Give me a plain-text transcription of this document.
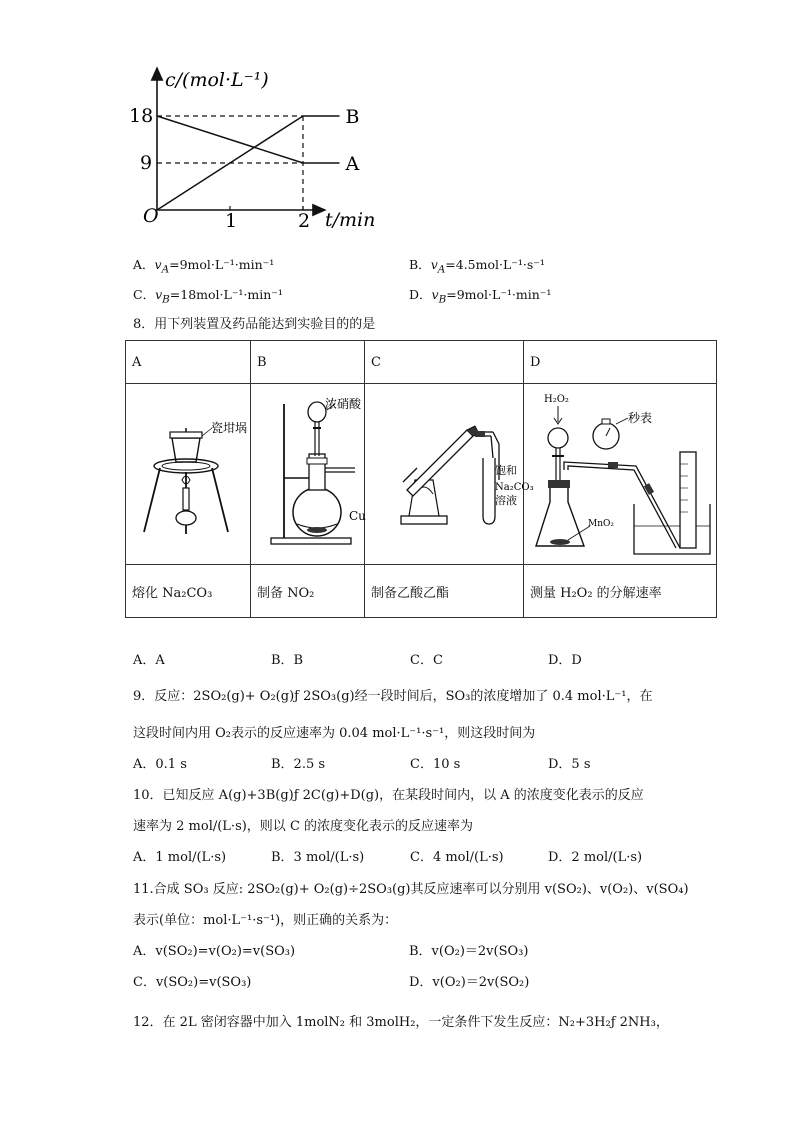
1	2
9
18	B
A
c/(mol·L⁻¹)
t/min
O
A．$v_A=9mol\cdot L^{-1}\cdot\min^{-1}$	B．$v_A=4.5mol\cdot L^{-1}\cdot s^{-1}$
C．$v_B=18mol\cdot L^{-1}\cdot\min^{-1}$	D．$v_B=9mol\cdot L^{-1}\cdot\min^{-1}$
8．用下列装置及药品能达到实验目的的是
A	B	C	D

瓷坩埚	浓硝酸
Cu	饱和
Na₂CO₃
溶液	H₂O₂
MnO₂
秒表

熔化 Na₂CO₃	制备 NO₂	制备乙酸乙酯	测量 H₂O₂ 的分解速率
A．A	B．B	C．C	D．D
9．反应：2SO₂(g)+ O₂(g)ƒ 2SO₃(g)经一段时间后，SO₃的浓度增加了 0.4 mol·L⁻¹，在
这段时间内用 O₂表示的反应速率为 0.04 mol·L⁻¹·s⁻¹，则这段时间为
A．0.1 s	B．2.5 s	C．10 s	D．5 s
10．已知反应 A(g)+3B(g)ƒ 2C(g)+D(g)，在某段时间内，以 A 的浓度变化表示的反应
速率为 2 mol/(L·s)，则以 C 的浓度变化表示的反应速率为
A．1 mol/(L·s)	B．3 mol/(L·s)	C．4 mol/(L·s)	D．2 mol/(L·s)
11.合成 SO₃ 反应: 2SO₂(g)+ O₂(g)÷2SO₃(g)其反应速率可以分别用 v(SO₂)、v(O₂)、v(SO₄)
表示(单位：mol·L⁻¹·s⁻¹)，则正确的关系为：
A．v(SO₂)=v(O₂)=v(SO₃)	B．v(O₂)＝2v(SO₃)
C．v(SO₂)=v(SO₃)	D．v(O₂)＝2v(SO₂)
12．在 2L 密闭容器中加入 1molN₂ 和 3molH₂，一定条件下发生反应：N₂+3H₂ƒ 2NH₃，
